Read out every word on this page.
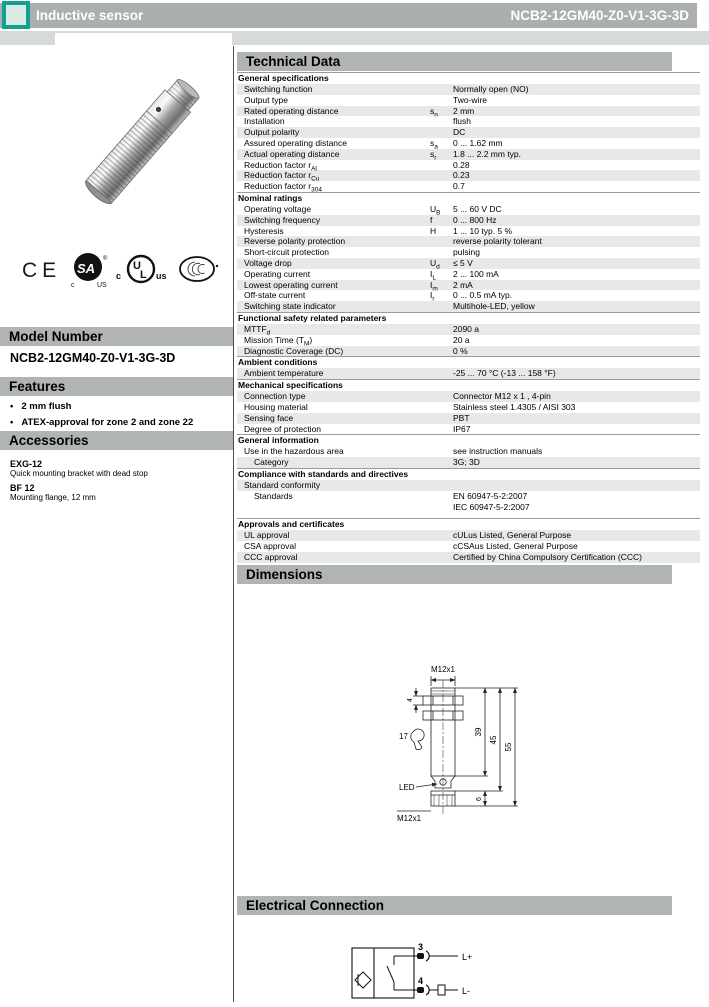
Inductive sensor	NCB2-12GM40-Z0-V1-3G-3D
CE SA
®
c	US
c
U
L us
Model Number
NCB2-12GM40-Z0-V1-3G-3D
Features
• 2 mm flush
• ATEX-approval for zone 2 and zone 22
Accessories
EXG-12
Quick mounting bracket with dead stop
BF 12
Mounting flange, 12 mm
Technical Data
General specifications
Switching function	Normally open (NO)
Output type	Two-wire
Rated operating distance	$s_n$	2 mm
Installation	flush
Output polarity	DC
Assured operating distance	$s_a$	0 ... 1.62 mm
Actual operating distance	$s_r$	1.8 ... 2.2 mm typ.
Reduction factor $r_{Al}$	0.28
Reduction factor $r_{Cu}$	0.23
Reduction factor $r_{304}$	0.7
Nominal ratings
Operating voltage	$U_B$	5 ... 60 V DC
Switching frequency	f	0 ... 800 Hz
Hysteresis	H	1 ... 10 typ. 5 %
Reverse polarity protection	reverse polarity tolerant
Short-circuit protection	pulsing
Voltage drop	$U_d$	≤ 5 V
Operating current	$I_L$	2 ... 100 mA
Lowest operating current	$I_m$	2 mA
Off-state current	$I_r$	0 ... 0.5 mA typ.
Switching state indicator	Multihole-LED, yellow
Functional safety related parameters
$MTTF_d$	2090 a
Mission Time $(T_M)$	20 a
Diagnostic Coverage (DC)	0 %
Ambient conditions
Ambient temperature	-25 ... 70 °C (-13 ... 158 °F)
Mechanical specifications
Connection type	Connector M12 x 1 , 4-pin
Housing material	Stainless steel 1.4305 / AISI 303
Sensing face	PBT
Degree of protection	IP67
General information
Use in the hazardous area	see instruction manuals
Category	3G; 3D
Compliance with standards and directives
Standard conformity
Standards	EN 60947-5-2:2007
IEC 60947-5-2:2007
Approvals and certificates
UL approval	cULus Listed, General Purpose
CSA approval	cCSAus Listed, General Purpose
CCC approval	Certified by China Compulsory Certification (CCC)
Dimensions
M12x1
4
17
LED
M12x1
39
45
55
6
Electrical Connection
3
L+
4
L-
